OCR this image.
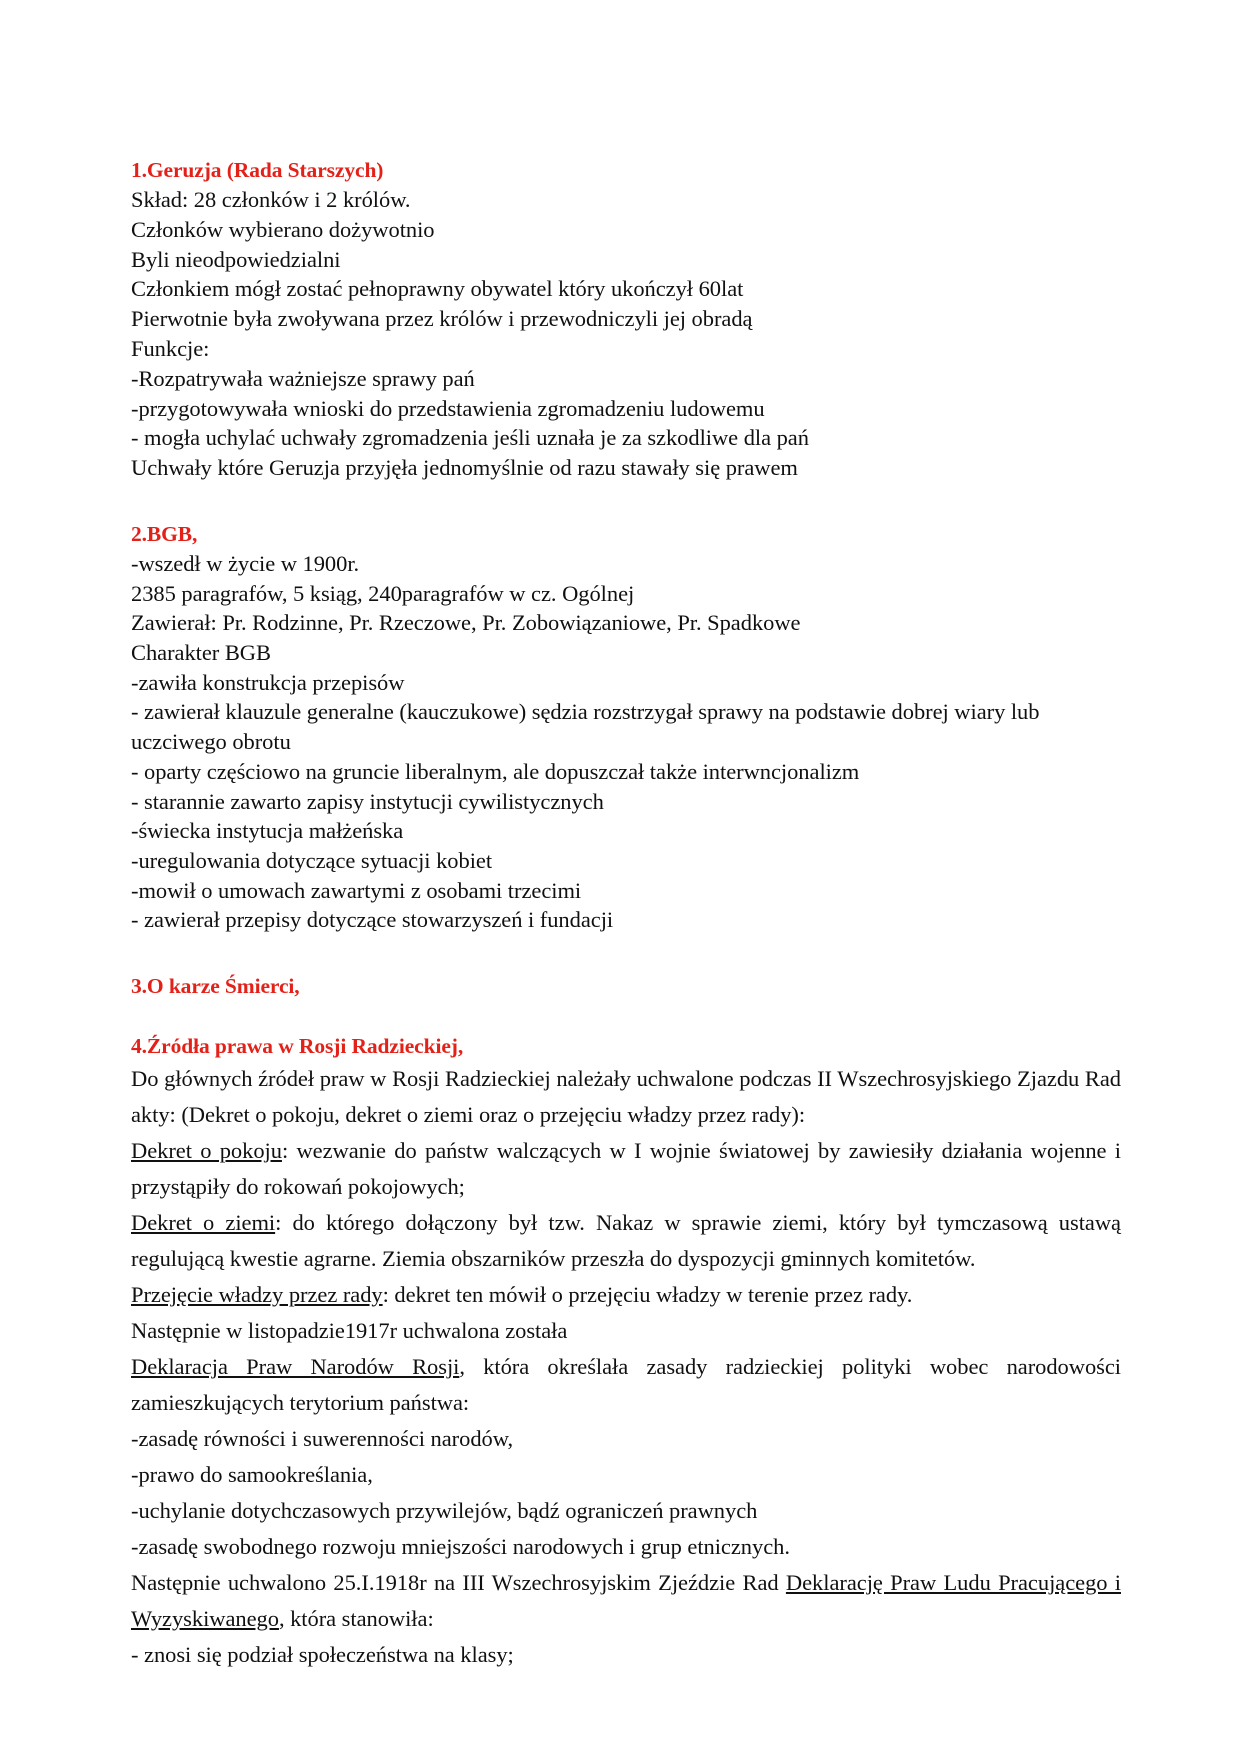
1.Geruzja (Rada Starszych)
Skład: 28 członków i 2 królów.
Członków wybierano dożywotnio
Byli nieodpowiedzialni
Członkiem mógł zostać pełnoprawny obywatel który ukończył 60lat
Pierwotnie była zwoływana przez królów i przewodniczyli jej obradą
Funkcje:
-Rozpatrywała ważniejsze sprawy pań
-przygotowywała wnioski do przedstawienia zgromadzeniu ludowemu
- mogła uchylać uchwały zgromadzenia jeśli uznała je za szkodliwe dla pań
Uchwały które Geruzja przyjęła jednomyślnie od razu stawały się prawem
2.BGB,
-wszedł w życie w 1900r.
2385 paragrafów, 5 ksiąg, 240paragrafów w cz. Ogólnej
Zawierał: Pr. Rodzinne, Pr. Rzeczowe, Pr. Zobowiązaniowe, Pr. Spadkowe
Charakter BGB
-zawiła konstrukcja przepisów
- zawierał klauzule generalne (kauczukowe) sędzia rozstrzygał sprawy na podstawie dobrej wiary lub uczciwego obrotu
- oparty częściowo na gruncie liberalnym, ale dopuszczał także interwncjonalizm
- starannie zawarto zapisy instytucji cywilistycznych
-świecka instytucja małżeńska
-uregulowania dotyczące sytuacji kobiet
-mowił o umowach zawartymi z osobami trzecimi
- zawierał przepisy dotyczące stowarzyszeń i fundacji
3.O karze Śmierci,
4.Źródła prawa w Rosji Radzieckiej,
Do głównych źródeł praw w Rosji Radzieckiej należały uchwalone podczas II Wszechrosyjskiego Zjazdu Rad akty: (Dekret o pokoju, dekret o ziemi oraz o przejęciu władzy przez rady):
Dekret o pokoju: wezwanie do państw walczących w I wojnie światowej by zawiesiły działania wojenne i przystąpiły do rokowań pokojowych;
Dekret o ziemi: do którego dołączony był tzw. Nakaz w sprawie ziemi, który był tymczasową ustawą regulującą kwestie agrarne. Ziemia obszarników przeszła do dyspozycji gminnych komitetów.
Przejęcie władzy przez rady: dekret ten mówił o przejęciu władzy w terenie przez rady.
Następnie w listopadzie1917r uchwalona została
Deklaracja Praw Narodów Rosji, która określała zasady radzieckiej polityki wobec narodowości zamieszkujących terytorium państwa:
-zasadę równości i suwerenności narodów,
-prawo do samookreślania,
-uchylanie dotychczasowych przywilejów, bądź ograniczeń prawnych
-zasadę swobodnego rozwoju mniejszości narodowych i grup etnicznych.
Następnie uchwalono 25.I.1918r na III Wszechrosyjskim Zjeździe Rad Deklarację Praw Ludu Pracującego i Wyzyskiwanego, która stanowiła:
- znosi się podział społeczeństwa na klasy;
